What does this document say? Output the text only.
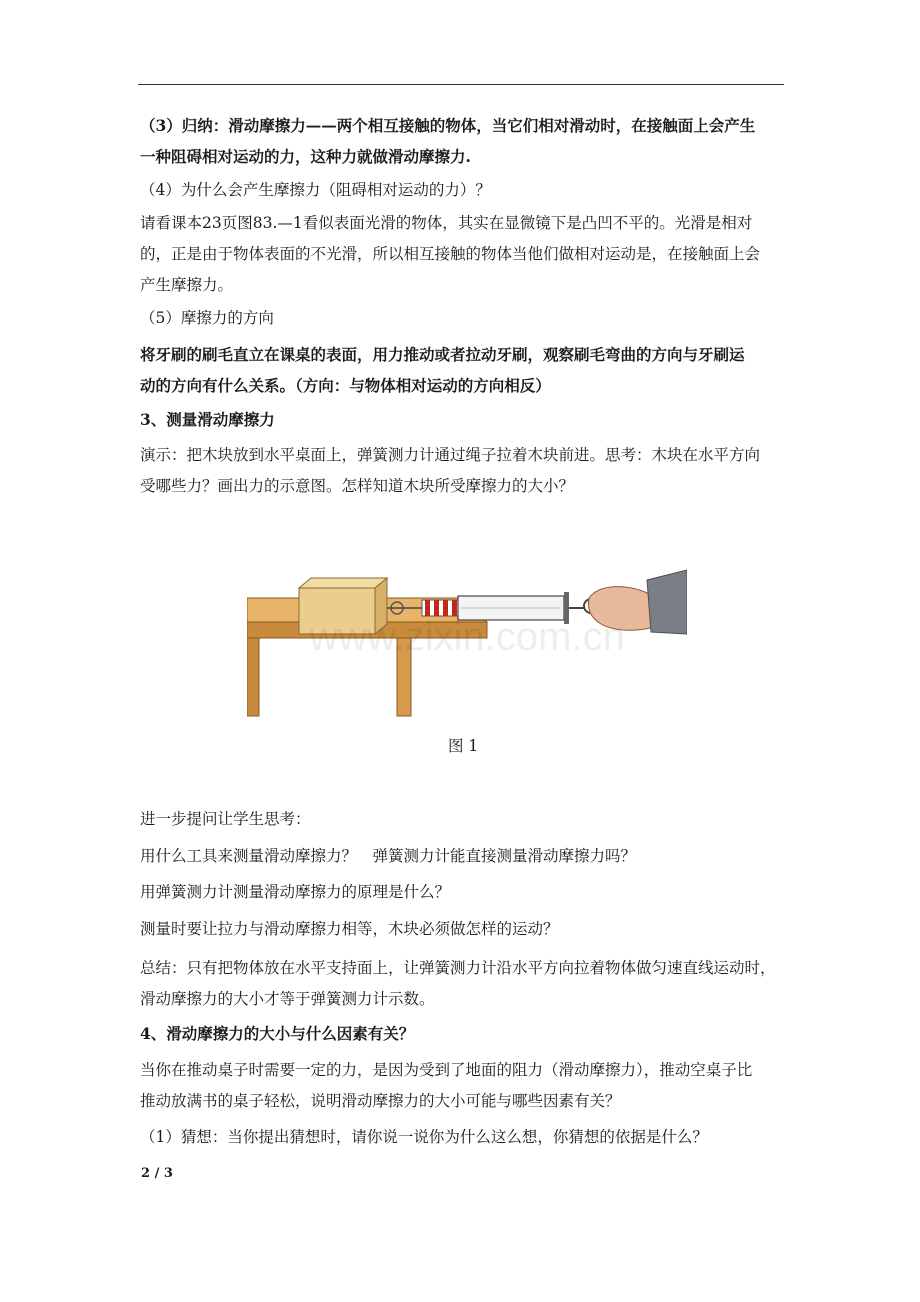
（3）归纳：滑动摩擦力——两个相互接触的物体，当它们相对滑动时，在接触面上会产生

一种阻碍相对运动的力，这种力就做滑动摩擦力.

（4）为什么会产生摩擦力（阻碍相对运动的力）？

请看课本23页图83.—1看似表面光滑的物体，其实在显微镜下是凸凹不平的。光滑是相对

的，正是由于物体表面的不光滑，所以相互接触的物体当他们做相对运动是，在接触面上会

产生摩擦力。

（5）摩擦力的方向

将牙刷的刷毛直立在课桌的表面，用力推动或者拉动牙刷，观察刷毛弯曲的方向与牙刷运

动的方向有什么关系。（方向：与物体相对运动的方向相反）

3、测量滑动摩擦力

演示：把木块放到水平桌面上，弹簧测力计通过绳子拉着木块前进。思考：木块在水平方向

受哪些力？画出力的示意图。怎样知道木块所受摩擦力的大小？

www.zixin.com.cn
图 1

进一步提问让学生思考：

用什么工具来测量滑动摩擦力？　弹簧测力计能直接测量滑动摩擦力吗？

用弹簧测力计测量滑动摩擦力的原理是什么？

测量时要让拉力与滑动摩擦力相等，木块必须做怎样的运动？

总结：只有把物体放在水平支持面上，让弹簧测力计沿水平方向拉着物体做匀速直线运动时，

滑动摩擦力的大小才等于弹簧测力计示数。

4、滑动摩擦力的大小与什么因素有关？

当你在推动桌子时需要一定的力，是因为受到了地面的阻力（滑动摩擦力），推动空桌子比

推动放满书的桌子轻松，说明滑动摩擦力的大小可能与哪些因素有关？

（1）猜想：当你提出猜想时，请你说一说你为什么这么想，你猜想的依据是什么？

2 / 3
